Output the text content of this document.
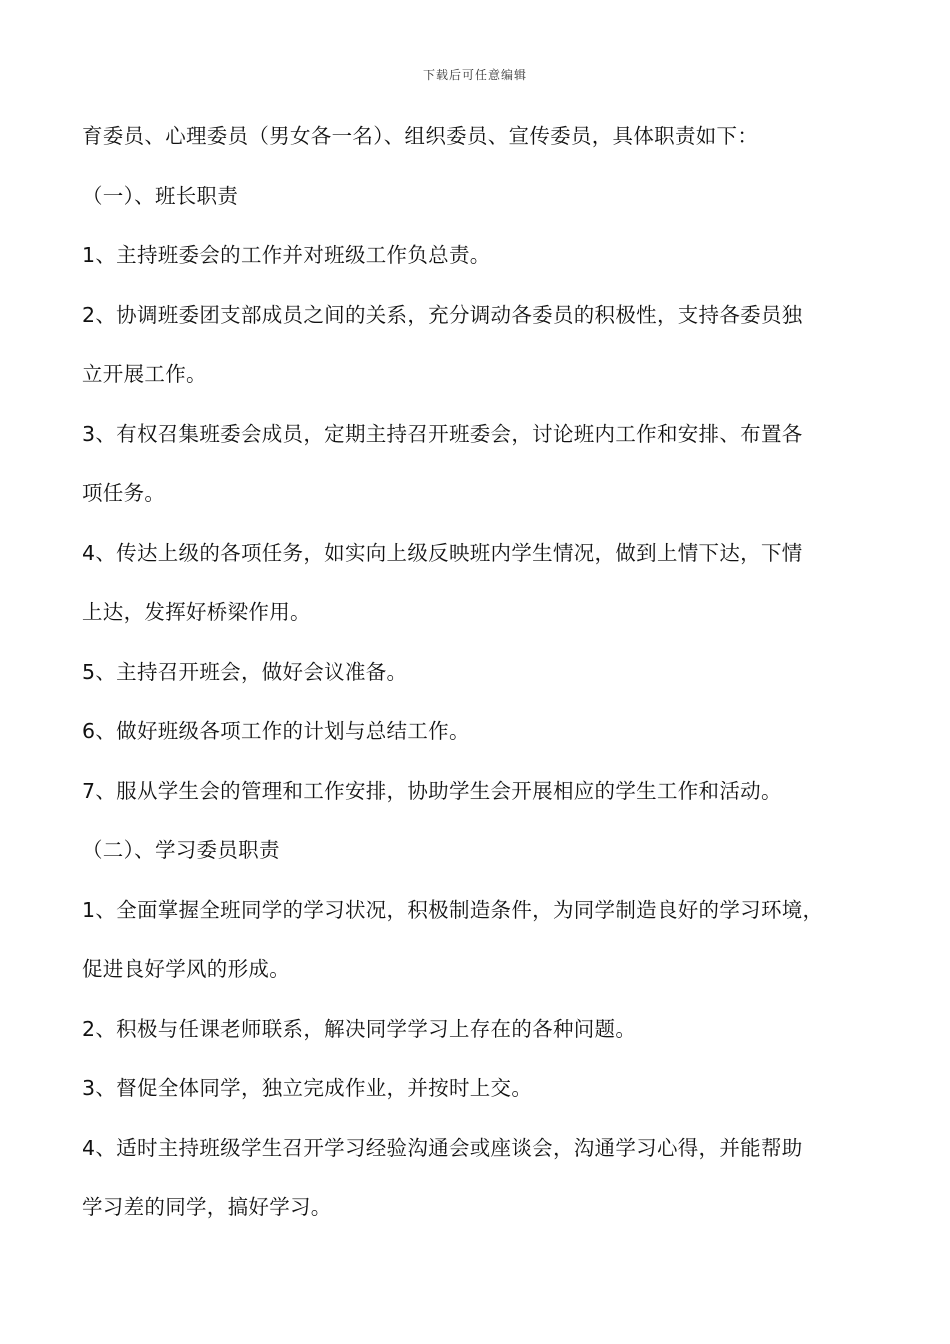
下载后可任意编辑
育委员、心理委员（男女各一名）、组织委员、宣传委员，具体职责如下：
（一）、班长职责
1、主持班委会的工作并对班级工作负总责。
2、协调班委团支部成员之间的关系，充分调动各委员的积极性，支持各委员独
立开展工作。
3、有权召集班委会成员，定期主持召开班委会，讨论班内工作和安排、布置各
项任务。
4、传达上级的各项任务，如实向上级反映班内学生情况，做到上情下达，下情
上达，发挥好桥梁作用。
5、主持召开班会，做好会议准备。
6、做好班级各项工作的计划与总结工作。
7、服从学生会的管理和工作安排，协助学生会开展相应的学生工作和活动。
（二）、学习委员职责
1、全面掌握全班同学的学习状况，积极制造条件，为同学制造良好的学习环境，
促进良好学风的形成。
2、积极与任课老师联系，解决同学学习上存在的各种问题。
3、督促全体同学，独立完成作业，并按时上交。
4、适时主持班级学生召开学习经验沟通会或座谈会，沟通学习心得，并能帮助
学习差的同学，搞好学习。
